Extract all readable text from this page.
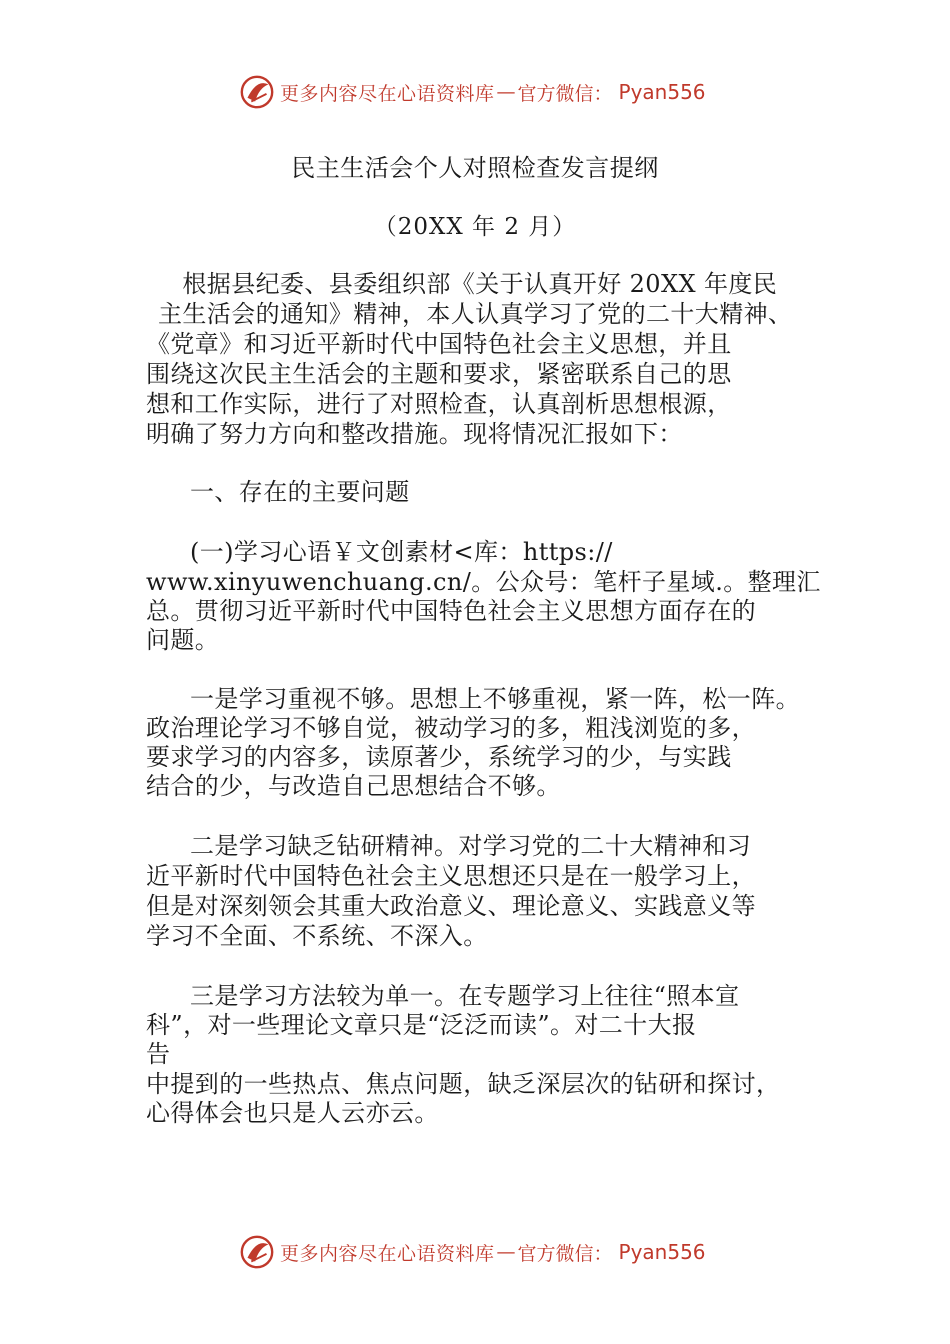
更多内容尽在心语资料库 — 官方微信： Pyan556
民主生活会个人对照检查发言提纲
（20XX 年 2 月）
　根据县纪委、县委组织部《关于认真开好 20XX 年度民
主生活会的通知》精神，本人认真学习了党的二十大精神、
《党章》和习近平新时代中国特色社会主义思想，并且
围绕这次民主生活会的主题和要求，紧密联系自己的思
想和工作实际，进行了对照检查，认真剖析思想根源，
明确了努力方向和整改措施。现将情况汇报如下：
一、存在的主要问题
(一)学习心语￥文创素材<库：https://
www.xinyuwenchuang.cn/。公众号：笔杆子星域.。整理汇
总。贯彻习近平新时代中国特色社会主义思想方面存在的
问题。
一是学习重视不够。思想上不够重视，紧一阵，松一阵。
政治理论学习不够自觉，被动学习的多，粗浅浏览的多，
要求学习的内容多，读原著少，系统学习的少，与实践
结合的少，与改造自己思想结合不够。
二是学习缺乏钻研精神。对学习党的二十大精神和习
近平新时代中国特色社会主义思想还只是在一般学习上，
但是对深刻领会其重大政治意义、理论意义、实践意义等
学习不全面、不系统、不深入。
三是学习方法较为单一。在专题学习上往往“照本宣
科”，对一些理论文章只是“泛泛而读”。对二十大报
告
中提到的一些热点、焦点问题，缺乏深层次的钻研和探讨，
心得体会也只是人云亦云。
更多内容尽在心语资料库 — 官方微信： Pyan556
